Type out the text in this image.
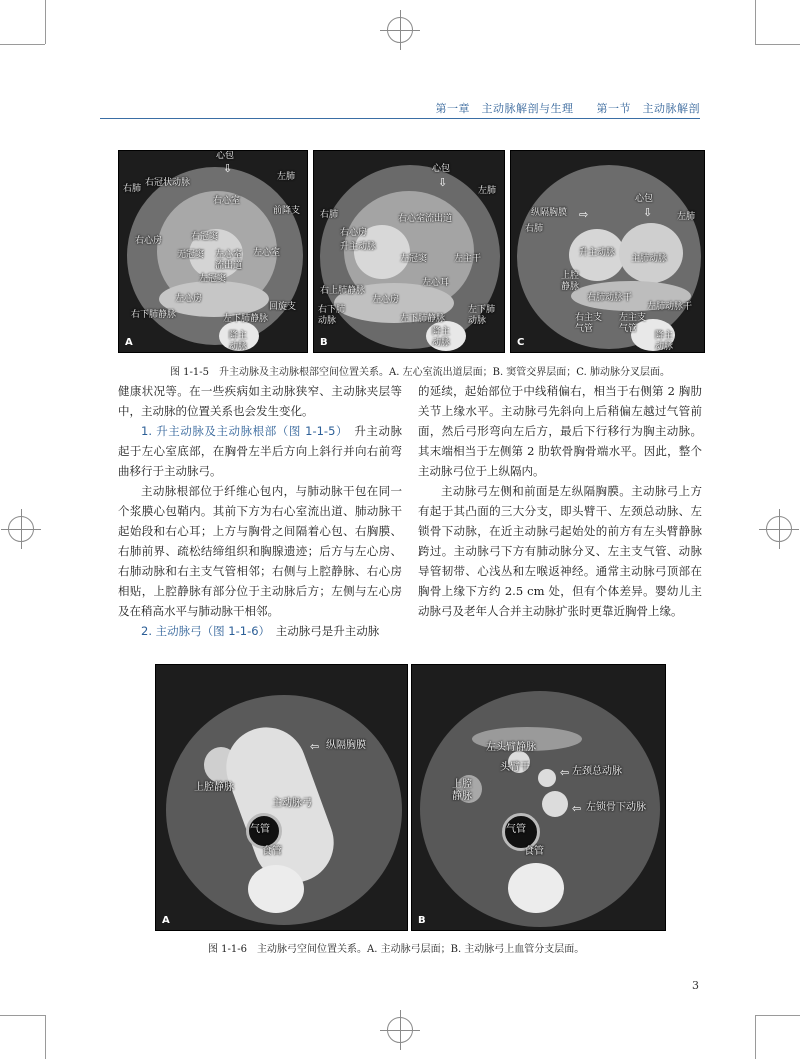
第一章　主动脉解剖与生理　　第一节　主动脉解剖
心包
⇩
右冠状动脉
左肺
前降支
右肺
右心室
右冠窦
右心房
无冠窦 左心室流出道
左冠窦
左心室
左心房
回旋支
右下肺静脉	左下肺静脉
降主动脉
A
心包
⇩
左肺
右肺	右心室流出道
右心房
升主动脉
左冠窦	左主干
左心耳
右上肺静脉
左心房
右下肺动脉
左下肺动脉
左下肺静脉
降主动脉
B
纵隔胸膜 ⇨
心包
⇩	左肺
右肺
升主动脉
主肺动脉
上腔静脉
右肺动脉干
左肺动脉干
右主支气管
左主支气管
降主动脉
C
图 1-1-5　升主动脉及主动脉根部空间位置关系。A. 左心室流出道层面；B. 窦管交界层面；C. 肺动脉分叉层面。

健康状况等。在一些疾病如主动脉狭窄、主动脉夹层等中，主动脉的位置关系也会发生变化。

1. 升主动脉及主动脉根部（图 1-1-5）　 升主动脉起于左心室底部，在胸骨左半后方向上斜行并向右前弯曲移行于主动脉弓。

主动脉根部位于纤维心包内，与肺动脉干包在同一个浆膜心包鞘内。其前下方为右心室流出道、肺动脉干起始段和右心耳；上方与胸骨之间隔着心包、右胸膜、右肺前界、疏松结缔组织和胸腺遗迹；后方与左心房、右肺动脉和右主支气管相邻；右侧与上腔静脉、右心房相贴，上腔静脉有部分位于主动脉后方；左侧与左心房及在稍高水平与肺动脉干相邻。

2. 主动脉弓（图 1-1-6）　 主动脉弓是升主动脉

的延续，起始部位于中线稍偏右，相当于右侧第 2 胸肋关节上缘水平。主动脉弓先斜向上后稍偏左越过气管前面，然后弓形弯向左后方，最后下行移行为胸主动脉。其末端相当于左侧第 2 肋软骨胸骨端水平。因此，整个主动脉弓位于上纵隔内。

主动脉弓左侧和前面是左纵隔胸膜。主动脉弓上方有起于其凸面的三大分支，即头臂干、左颈总动脉、左锁骨下动脉，在近主动脉弓起始处的前方有左头臂静脉跨过。主动脉弓下方有肺动脉分叉、左主支气管、动脉导管韧带、心浅丛和左喉返神经。通常主动脉弓顶部在胸骨上缘下方约 2.5 cm 处，但有个体差异。婴幼儿主动脉弓及老年人合并主动脉扩张时更靠近胸骨上缘。

⇦ 纵隔胸膜
上腔静脉
主动脉弓
气管
食管
A
左头臂静脉
头臂干	⇦ 左颈总动脉
上腔静脉
⇦ 左锁骨下动脉
气管
食管
B
图 1-1-6　主动脉弓空间位置关系。A. 主动脉弓层面；B. 主动脉弓上血管分支层面。
3
